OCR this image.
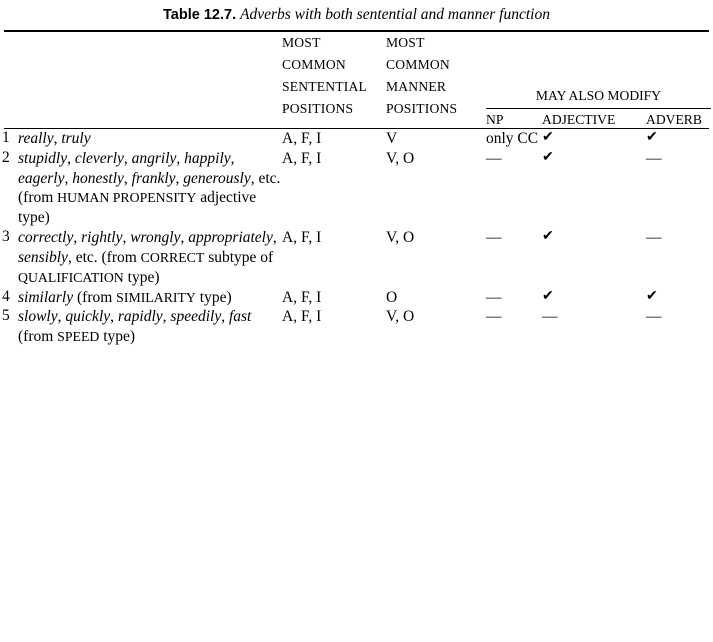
Table 12.7. Adverbs with both sentential and manner function

MOST
COMMON
SENTENTIAL
POSITIONS

MOST
COMMON
MANNER
POSITIONS

MAY ALSO MODIFY
NP	ADJECTIVE	ADVERB
1	really, truly	A, F, I	V	only CC	✔	✔
2	stupidly, cleverly, angrily, happily, eagerly, honestly, frankly, generously, etc. (from HUMAN PROPENSITY adjective type)	A, F, I	V, O	—	✔	—
3	correctly, rightly, wrongly, appropriately, sensibly, etc. (from CORRECT subtype of QUALIFICATION type)	A, F, I	V, O	—	✔	—
4	similarly (from SIMILARITY type)	A, F, I	O	—	✔	✔
5	slowly, quickly, rapidly, speedily, fast (from SPEED type)	A, F, I	V, O	—	—	—
